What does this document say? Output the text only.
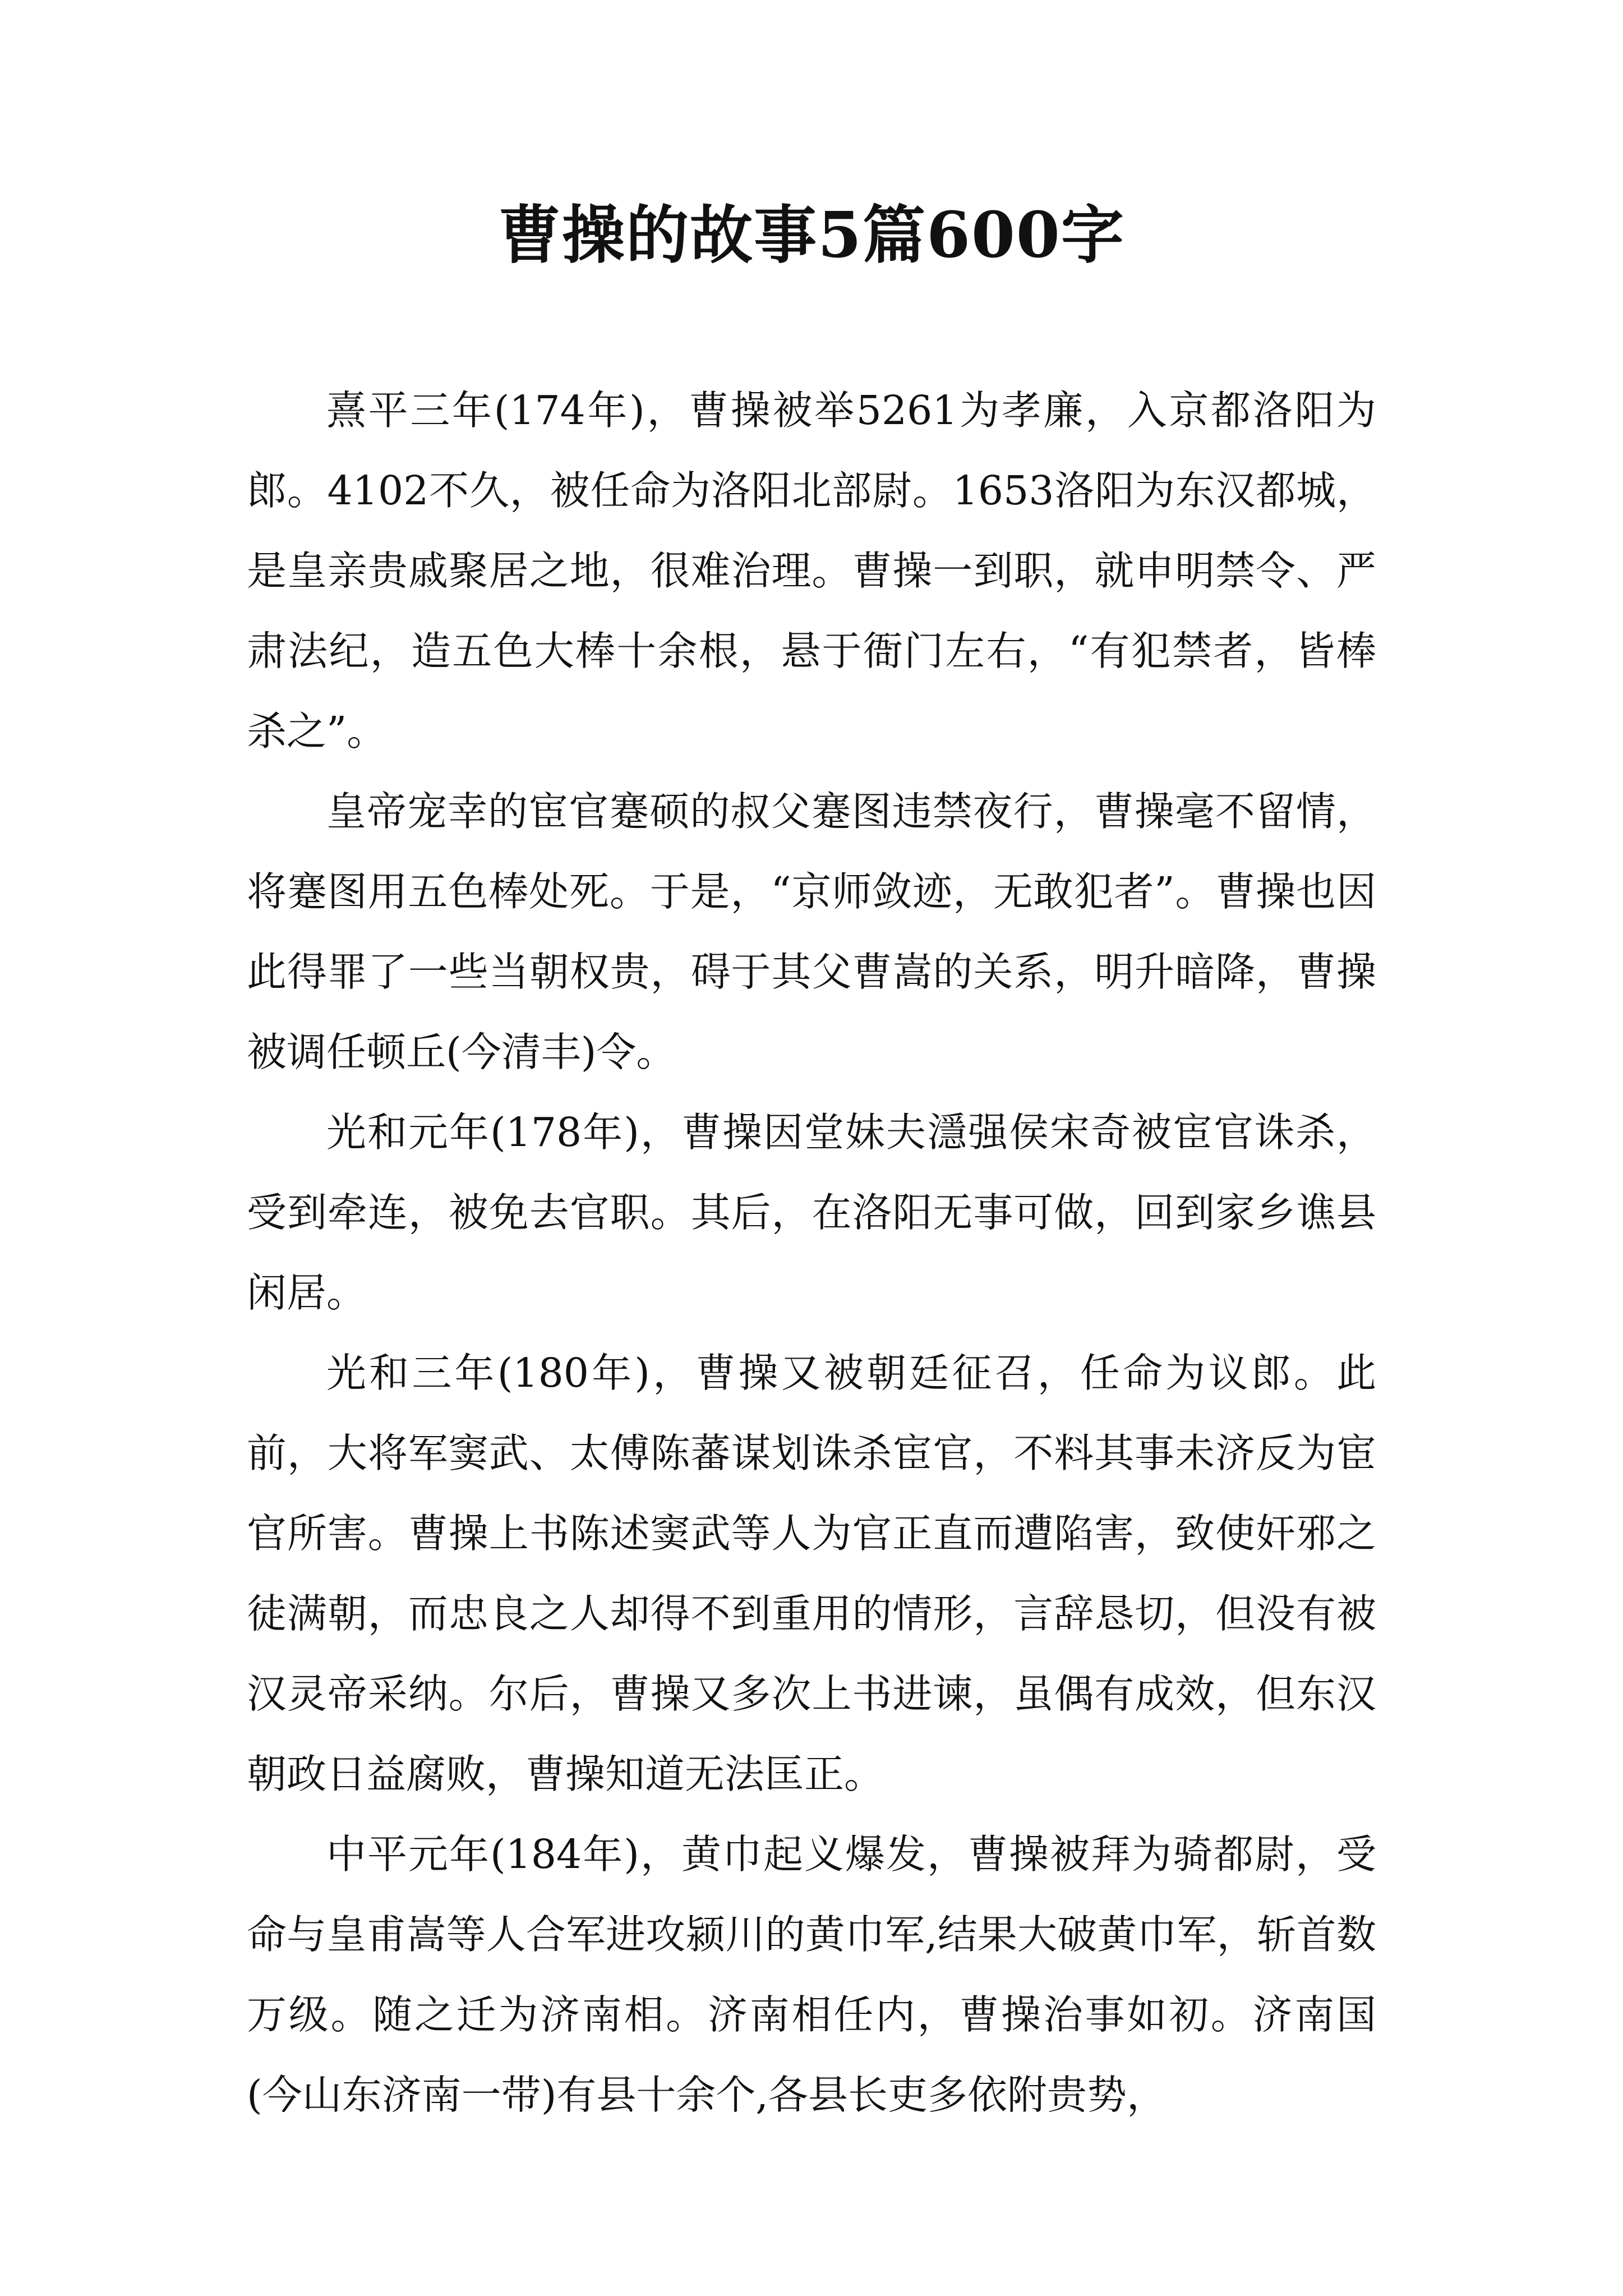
曹操的故事5篇600字

熹平三年(174年)，曹操被举5261为孝廉，入京都洛阳为郎。4102不久，被任命为洛阳北部尉。1653洛阳为东汉都城，是皇亲贵戚聚居之地，很难治理。曹操一到职，就申明禁令、严肃法纪，造五色大棒十余根，悬于衙门左右，“有犯禁者，皆棒杀之”。

皇帝宠幸的宦官蹇硕的叔父蹇图违禁夜行，曹操毫不留情，将蹇图用五色棒处死。于是，“京师敛迹，无敢犯者”。曹操也因此得罪了一些当朝权贵，碍于其父曹嵩的关系，明升暗降，曹操被调任顿丘(今清丰)令。

光和元年(178年)，曹操因堂妹夫濦强侯宋奇被宦官诛杀，受到牵连，被免去官职。其后，在洛阳无事可做，回到家乡谯县闲居。

光和三年(180年)，曹操又被朝廷征召，任命为议郎。此前，大将军窦武、太傅陈蕃谋划诛杀宦官，不料其事未济反为宦官所害。曹操上书陈述窦武等人为官正直而遭陷害，致使奸邪之徒满朝，而忠良之人却得不到重用的情形，言辞恳切，但没有被汉灵帝采纳。尔后，曹操又多次上书进谏，虽偶有成效，但东汉朝政日益腐败，曹操知道无法匡正。

中平元年(184年)，黄巾起义爆发，曹操被拜为骑都尉，受命与皇甫嵩等人合军进攻颍川的黄巾军,结果大破黄巾军，斩首数万级。随之迁为济南相。济南相任内，曹操治事如初。济南国(今山东济南一带)有县十余个,各县长吏多依附贵势，
